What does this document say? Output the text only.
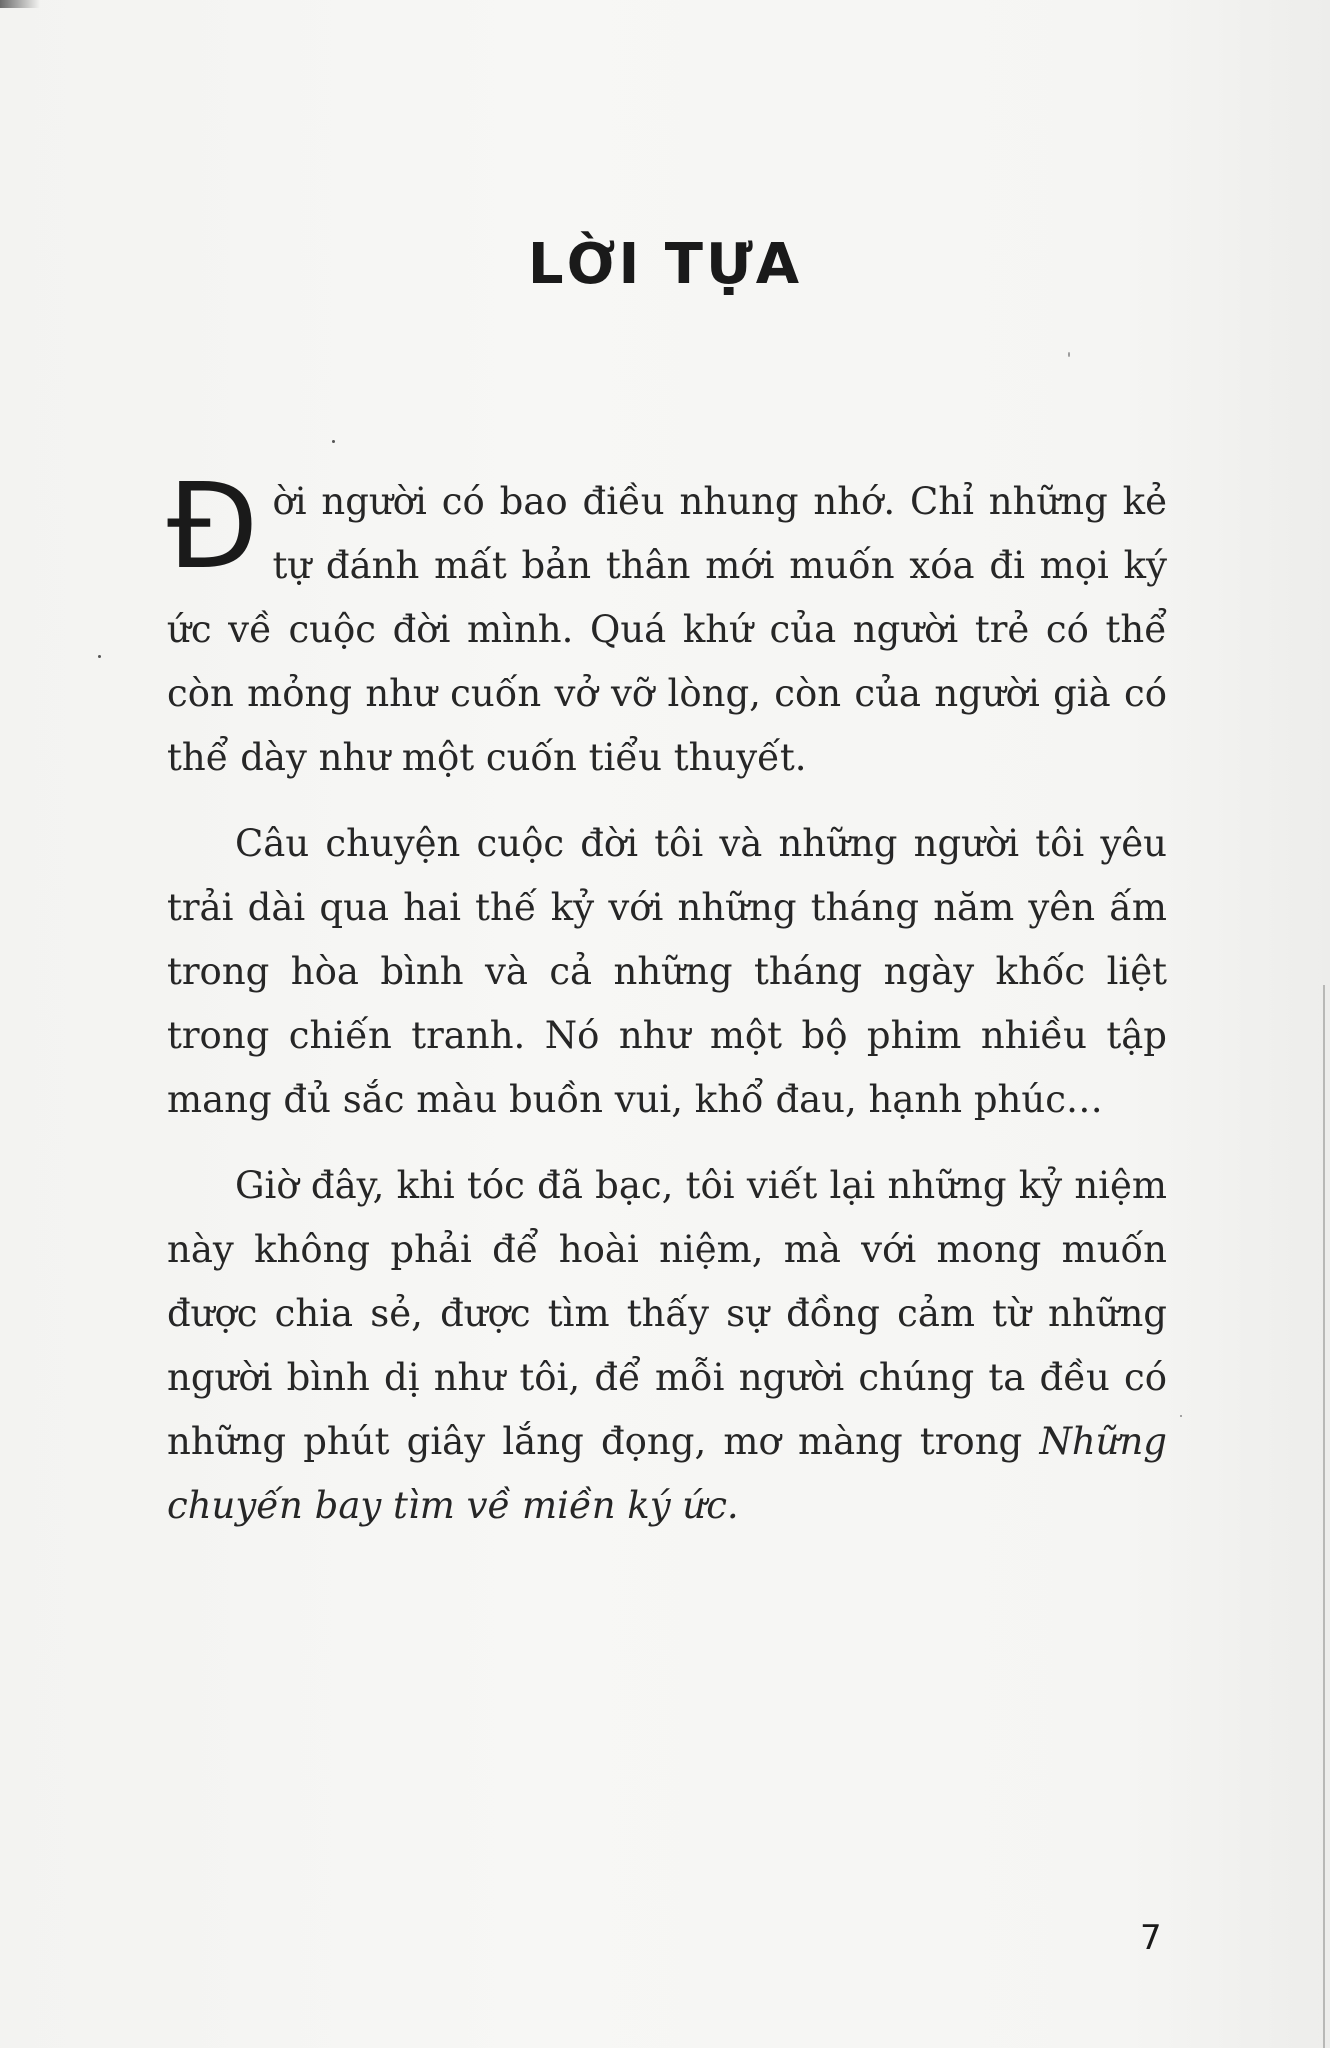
LỜI TỰA

Đời người có bao điều nhung nhớ. Chỉ những kẻ tự đánh mất bản thân mới muốn xóa đi mọi ký ức về cuộc đời mình. Quá khứ của người trẻ có thể còn mỏng như cuốn vở vỡ lòng, còn của người già có thể dày như một cuốn tiểu thuyết.

Câu chuyện cuộc đời tôi và những người tôi yêu trải dài qua hai thế kỷ với những tháng năm yên ấm trong hòa bình và cả những tháng ngày khốc liệt trong chiến tranh. Nó như một bộ phim nhiều tập mang đủ sắc màu buồn vui, khổ đau, hạnh phúc…

Giờ đây, khi tóc đã bạc, tôi viết lại những kỷ niệm này không phải để hoài niệm, mà với mong muốn được chia sẻ, được tìm thấy sự đồng cảm từ những người bình dị như tôi, để mỗi người chúng ta đều có những phút giây lắng đọng, mơ màng trong Những chuyến bay tìm về miền ký ức.

7
